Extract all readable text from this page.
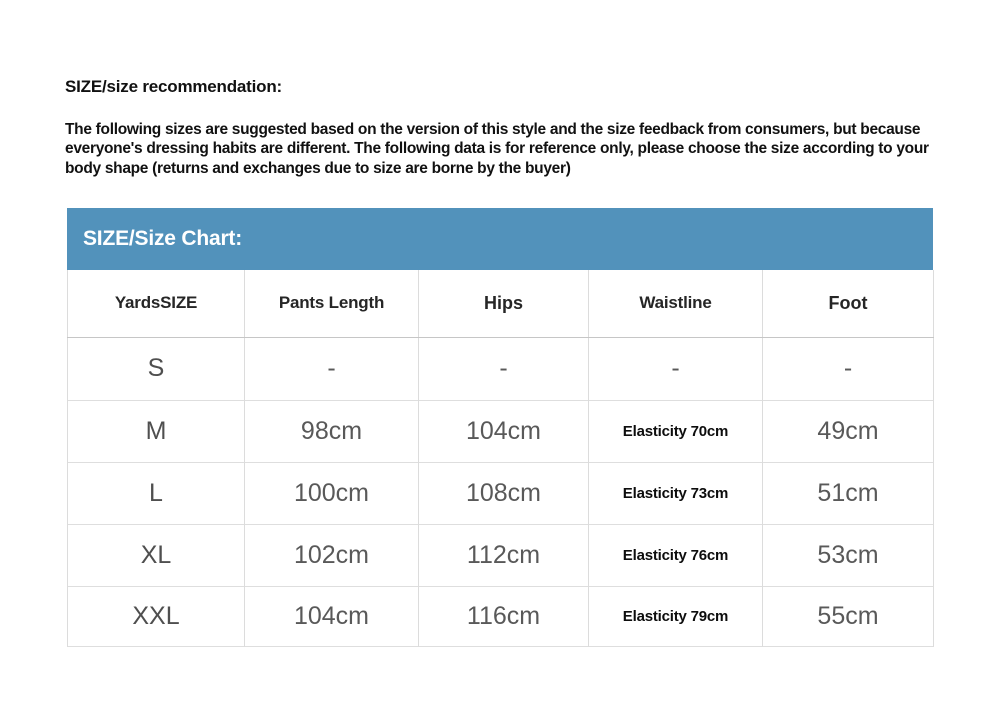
SIZE/size recommendation:
The following sizes are suggested based on the version of this style and the size feedback from consumers, but because everyone's dressing habits are different. The following data is for reference only, please choose the size according to your body shape (returns and exchanges due to size are borne by the buyer)
SIZE/Size Chart:
YardsSIZE	Pants Length	Hips	Waistline	Foot
S	-	-	-	-
M	98cm	104cm	Elasticity 70cm	49cm
L	100cm	108cm	Elasticity 73cm	51cm
XL	102cm	112cm	Elasticity 76cm	53cm
XXL	104cm	116cm	Elasticity 79cm	55cm
